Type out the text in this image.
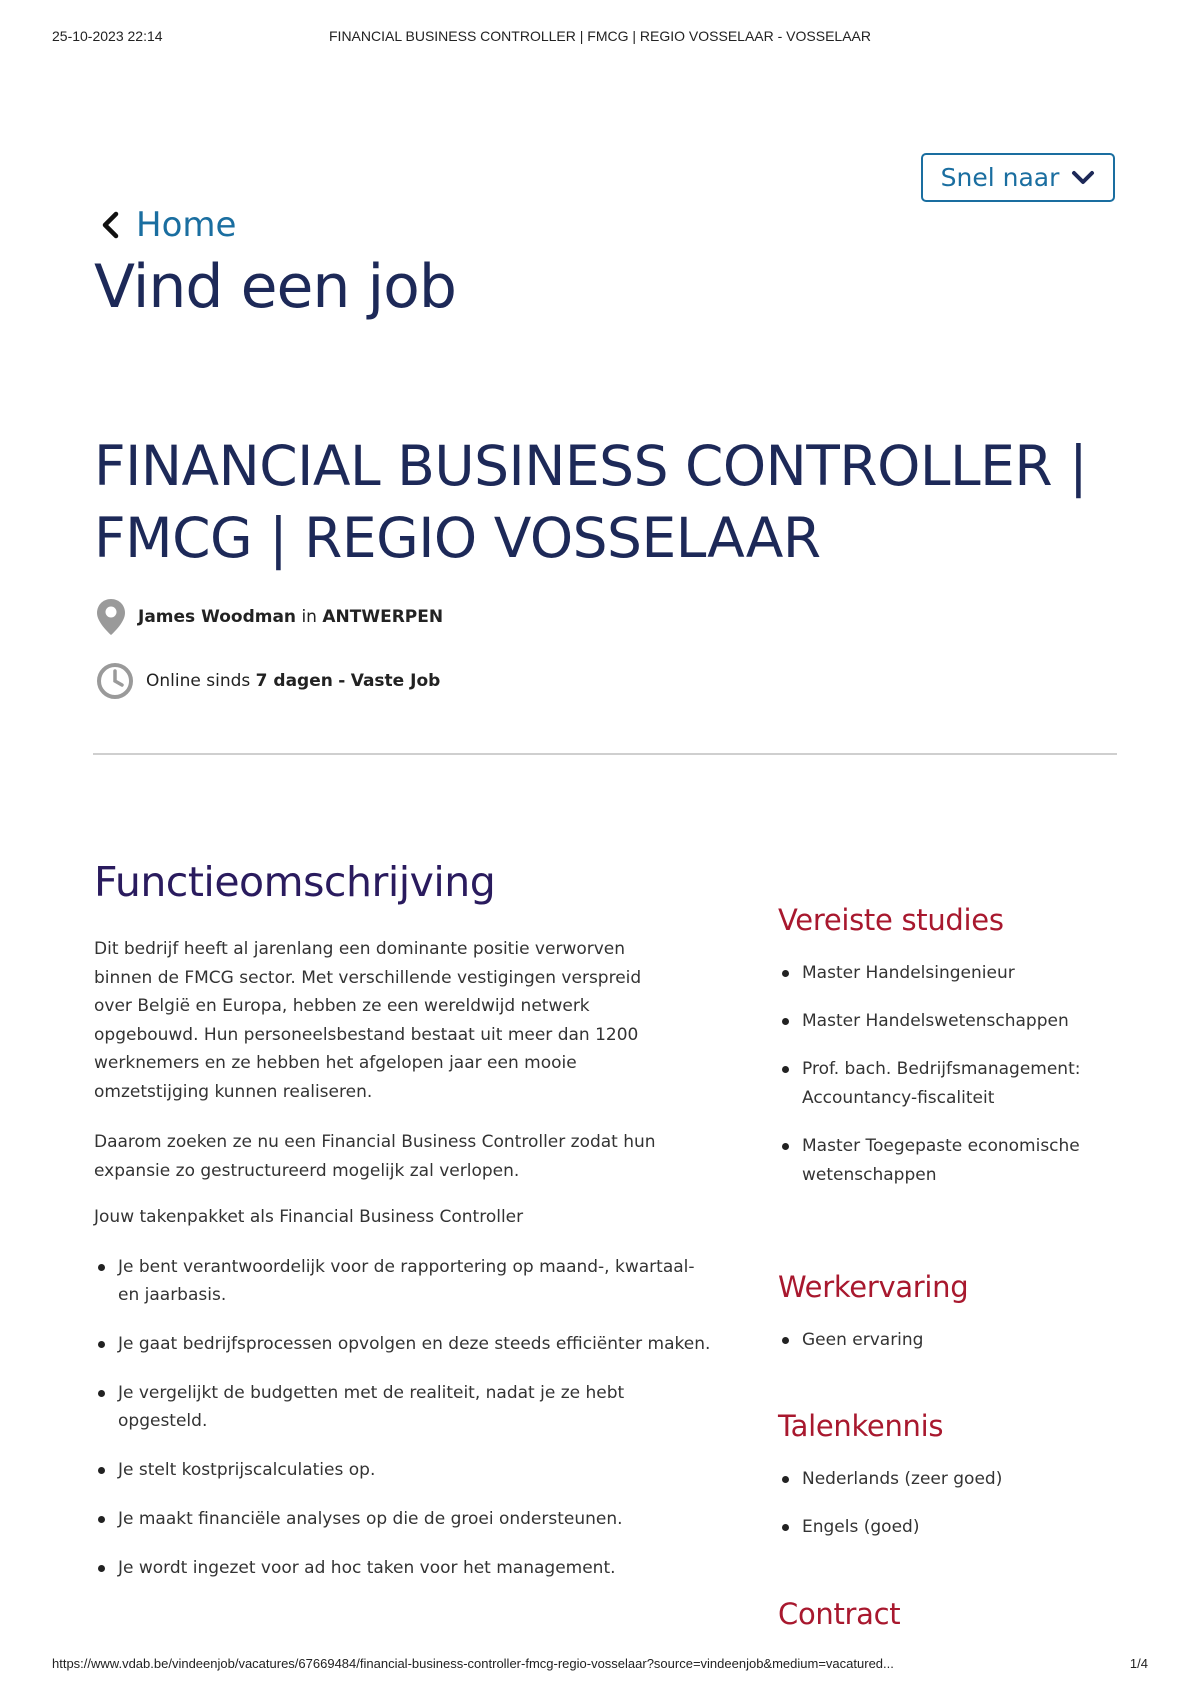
25-10-2023 22:14	FINANCIAL BUSINESS CONTROLLER | FMCG | REGIO VOSSELAAR - VOSSELAAR
Snel naar
Home
Vind een job
FINANCIAL BUSINESS CONTROLLER | FMCG | REGIO VOSSELAAR
James Woodman in ANTWERPEN
Online sinds 7 dagen - Vaste Job
Functieomschrijving

Dit bedrijf heeft al jarenlang een dominante positie verworven binnen de FMCG sector. Met verschillende vestigingen verspreid over België en Europa, hebben ze een wereldwijd netwerk opgebouwd. Hun personeelsbestand bestaat uit meer dan 1200 werknemers en ze hebben het afgelopen jaar een mooie omzetstijging kunnen realiseren.

Daarom zoeken ze nu een Financial Business Controller zodat hun expansie zo gestructureerd mogelijk zal verlopen.

Jouw takenpakket als Financial Business Controller

Je bent verantwoordelijk voor de rapportering op maand-, kwartaal- en jaarbasis.
Je gaat bedrijfsprocessen opvolgen en deze steeds efficiënter maken.
Je vergelijkt de budgetten met de realiteit, nadat je ze hebt opgesteld.
Je stelt kostprijscalculaties op.
Je maakt financiële analyses op die de groei ondersteunen.
Je wordt ingezet voor ad hoc taken voor het management.
Vereiste studies
Master Handelsingenieur
Master Handelswetenschappen
Prof. bach. Bedrijfsmanagement: Accountancy-fiscaliteit
Master Toegepaste economische wetenschappen
Werkervaring
Geen ervaring
Talenkennis
Nederlands (zeer goed)
Engels (goed)
Contract
https://www.vdab.be/vindeenjob/vacatures/67669484/financial-business-controller-fmcg-regio-vosselaar?source=vindeenjob&medium=vacatured...	1/4
